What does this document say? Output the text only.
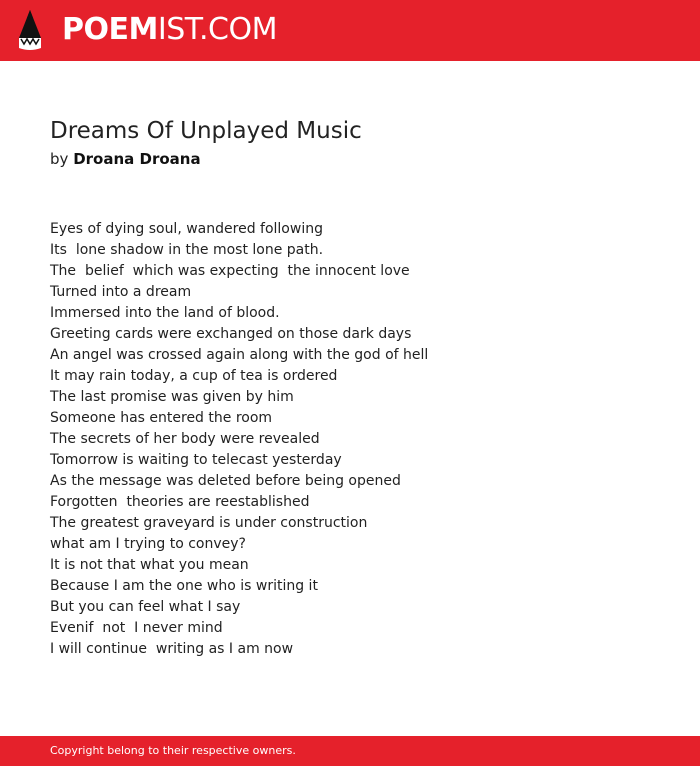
POEMIST.COM
Dreams Of Unplayed Music
by Droana Droana
Eyes of dying soul, wandered following
Its  lone shadow in the most lone path.
The  belief  which was expecting  the innocent love
Turned into a dream
Immersed into the land of blood.
Greeting cards were exchanged on those dark days
An angel was crossed again along with the god of hell
It may rain today, a cup of tea is ordered
The last promise was given by him
Someone has entered the room
The secrets of her body were revealed
Tomorrow is waiting to telecast yesterday
As the message was deleted before being opened
Forgotten  theories are reestablished
The greatest graveyard is under construction
what am I trying to convey?
It is not that what you mean
Because I am the one who is writing it
But you can feel what I say
Evenif  not  I never mind
I will continue  writing as I am now
Copyright belong to their respective owners.
